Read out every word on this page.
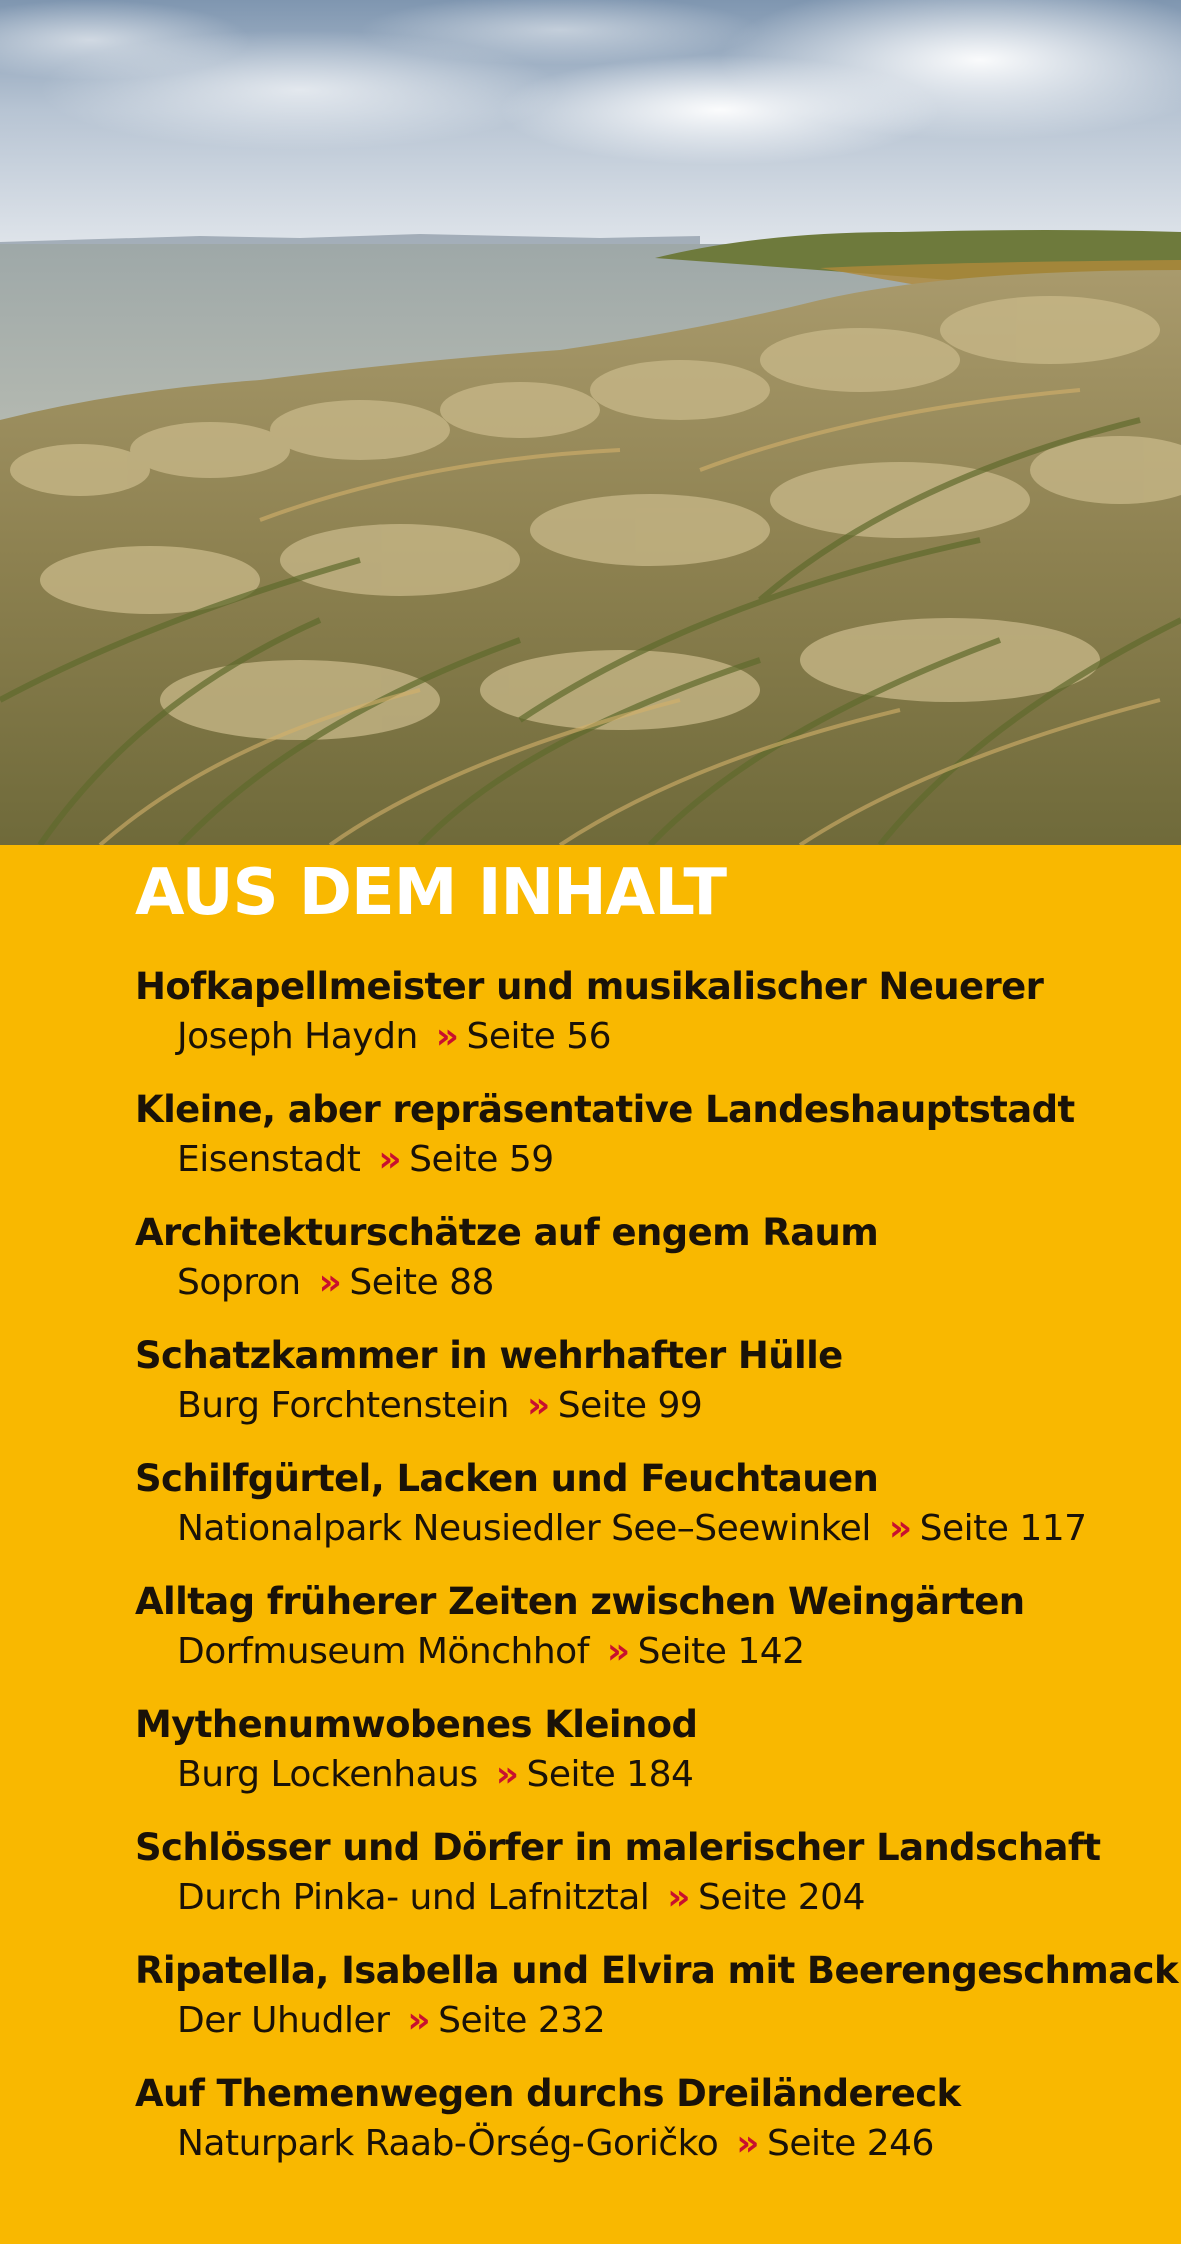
AUS DEM INHALT
Hofkapellmeister und musikalischer Neuerer
Joseph Haydn » Seite 56
Kleine, aber repräsentative Landeshauptstadt
Eisenstadt » Seite 59
Architekturschätze auf engem Raum
Sopron » Seite 88
Schatzkammer in wehrhafter Hülle
Burg Forchtenstein » Seite 99
Schilfgürtel, Lacken und Feuchtauen
Nationalpark Neusiedler See–Seewinkel » Seite 117
Alltag früherer Zeiten zwischen Weingärten
Dorfmuseum Mönchhof » Seite 142
Mythenumwobenes Kleinod
Burg Lockenhaus » Seite 184
Schlösser und Dörfer in malerischer Landschaft
Durch Pinka- und Lafnitztal » Seite 204
Ripatella, Isabella und Elvira mit Beerengeschmack
Der Uhudler » Seite 232
Auf Themenwegen durchs Dreiländereck
Naturpark Raab-Örség-Goričko » Seite 246
